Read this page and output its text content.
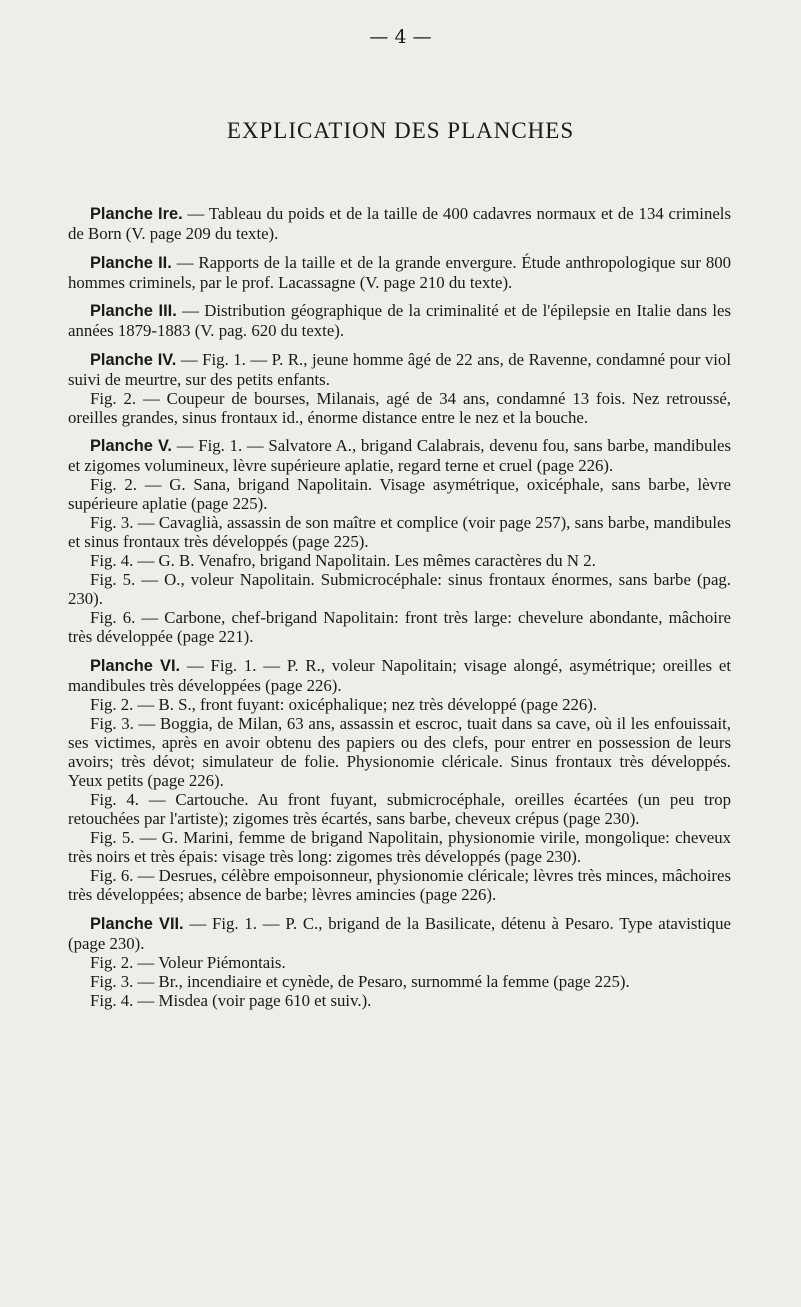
— 4 —
EXPLICATION DES PLANCHES

Planche Ire. — Tableau du poids et de la taille de 400 cadavres normaux et de 134 criminels de Born (V. page 209 du texte).

Planche II. — Rapports de la taille et de la grande envergure. Étude anthropologique sur 800 hommes criminels, par le prof. Lacassagne (V. page 210 du texte).

Planche III. — Distribution géographique de la criminalité et de l'épilepsie en Italie dans les années 1879-1883 (V. pag. 620 du texte).

Planche IV. — Fig. 1. — P. R., jeune homme âgé de 22 ans, de Ravenne, condamné pour viol suivi de meurtre, sur des petits enfants.

Fig. 2. — Coupeur de bourses, Milanais, agé de 34 ans, condamné 13 fois. Nez retroussé, oreilles grandes, sinus frontaux id., énorme distance entre le nez et la bouche.

Planche V. — Fig. 1. — Salvatore A., brigand Calabrais, devenu fou, sans barbe, mandibules et zigomes volumineux, lèvre supérieure aplatie, regard terne et cruel (page 226).

Fig. 2. — G. Sana, brigand Napolitain. Visage asymétrique, oxicéphale, sans barbe, lèvre supérieure aplatie (page 225).

Fig. 3. — Cavaglià, assassin de son maître et complice (voir page 257), sans barbe, mandibules et sinus frontaux très développés (page 225).

Fig. 4. — G. B. Venafro, brigand Napolitain. Les mêmes caractères du N 2.

Fig. 5. — O., voleur Napolitain. Submicrocéphale: sinus frontaux énormes, sans barbe (pag. 230).

Fig. 6. — Carbone, chef-brigand Napolitain: front très large: chevelure abondante, mâchoire très développée (page 221).

Planche VI. — Fig. 1. — P. R., voleur Napolitain; visage alongé, asymétrique; oreilles et mandibules très développées (page 226).

Fig. 2. — B. S., front fuyant: oxicéphalique; nez très développé (page 226).

Fig. 3. — Boggia, de Milan, 63 ans, assassin et escroc, tuait dans sa cave, où il les enfouissait, ses victimes, après en avoir obtenu des papiers ou des clefs, pour entrer en possession de leurs avoirs; très dévot; simulateur de folie. Physionomie cléricale. Sinus frontaux très développés. Yeux petits (page 226).

Fig. 4. — Cartouche. Au front fuyant, submicrocéphale, oreilles écartées (un peu trop retouchées par l'artiste); zigomes très écartés, sans barbe, cheveux crépus (page 230).

Fig. 5. — G. Marini, femme de brigand Napolitain, physionomie virile, mongolique: cheveux très noirs et très épais: visage très long: zigomes très développés (page 230).

Fig. 6. — Desrues, célèbre empoisonneur, physionomie cléricale; lèvres très minces, mâchoires très développées; absence de barbe; lèvres amincies (page 226).

Planche VII. — Fig. 1. — P. C., brigand de la Basilicate, détenu à Pesaro. Type atavistique (page 230).

Fig. 2. — Voleur Piémontais.

Fig. 3. — Br., incendiaire et cynède, de Pesaro, surnommé la femme (page 225).

Fig. 4. — Misdea (voir page 610 et suiv.).
